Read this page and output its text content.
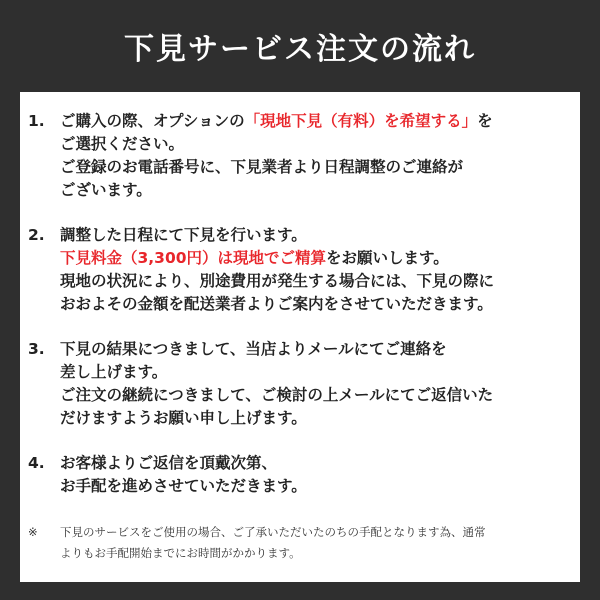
下見サービス注文の流れ
1. ご購入の際、オプションの「現地下見（有料）を希望する」を
ご選択ください。
ご登録のお電話番号に、下見業者より日程調整のご連絡が
ございます。
2. 調整した日程にて下見を行います。
下見料金（3,300円）は現地でご精算をお願いします。
現地の状況により、別途費用が発生する場合には、下見の際に
おおよその金額を配送業者よりご案内をさせていただきます。
3. 下見の結果につきまして、当店よりメールにてご連絡を
差し上げます。
ご注文の継続につきまして、ご検討の上メールにてご返信いた
だけますようお願い申し上げます。
4. お客様よりご返信を頂戴次第、
お手配を進めさせていただきます。
※ 下見のサービスをご使用の場合、ご了承いただいたのちの手配となります為、通常
よりもお手配開始までにお時間がかかります。
